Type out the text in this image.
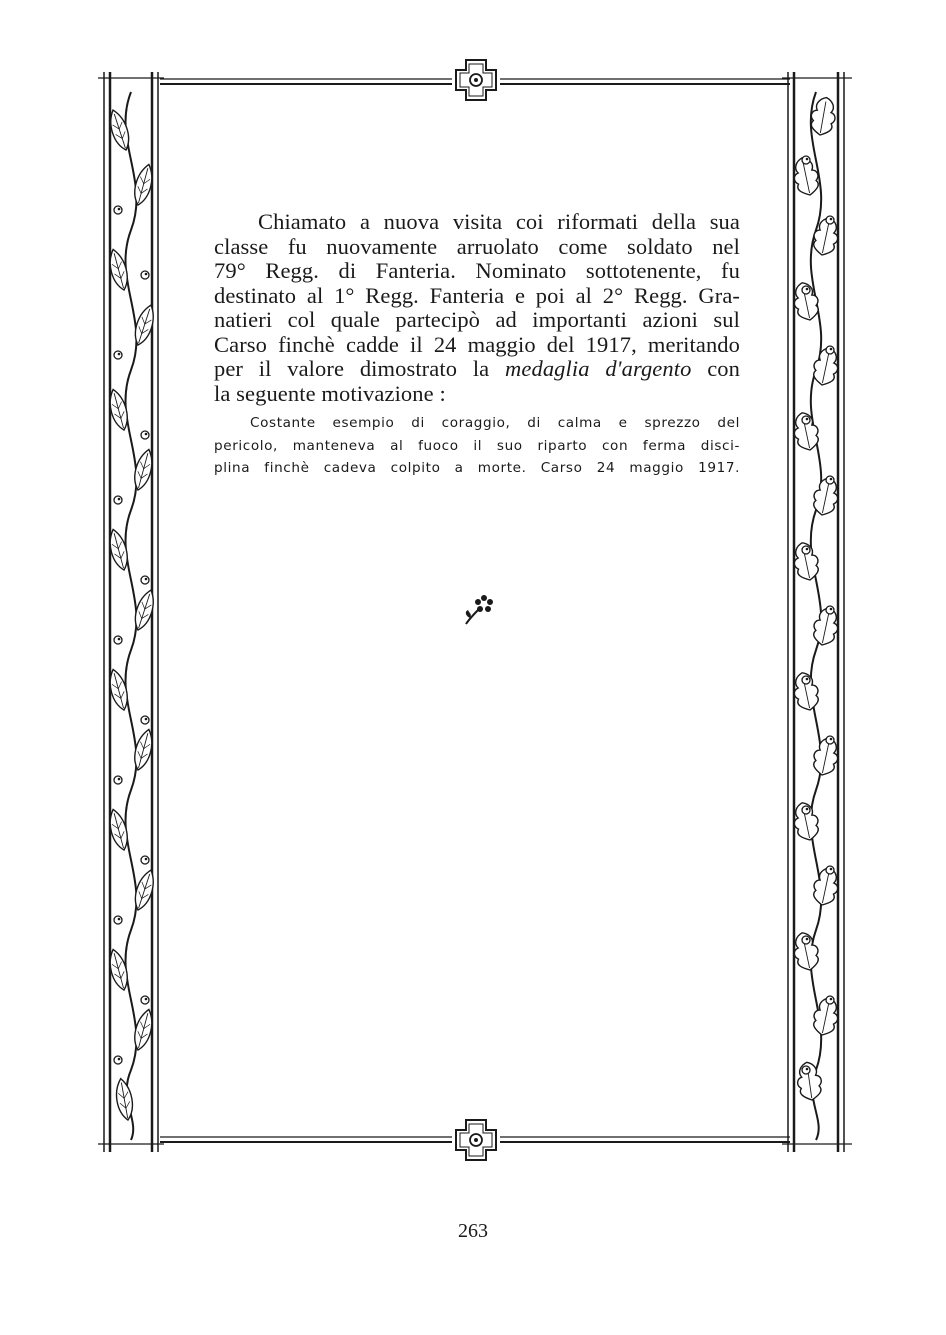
Chiamato a nuova visita coi riformati della sua
classe fu nuovamente arruolato come soldato nel
79° Regg. di Fanteria. Nominato sottotenente, fu
destinato al 1° Regg. Fanteria e poi al 2° Regg. Gra-
natieri col quale partecipò ad importanti azioni sul
Carso finchè cadde il 24 maggio del 1917, meritando
per il valore dimostrato la medaglia d'argento con
la seguente motivazione :
Costante esempio di coraggio, di calma e sprezzo del
pericolo, manteneva al fuoco il suo riparto con ferma disci-
plina finchè cadeva colpito a morte. Carso 24 maggio 1917.
263
